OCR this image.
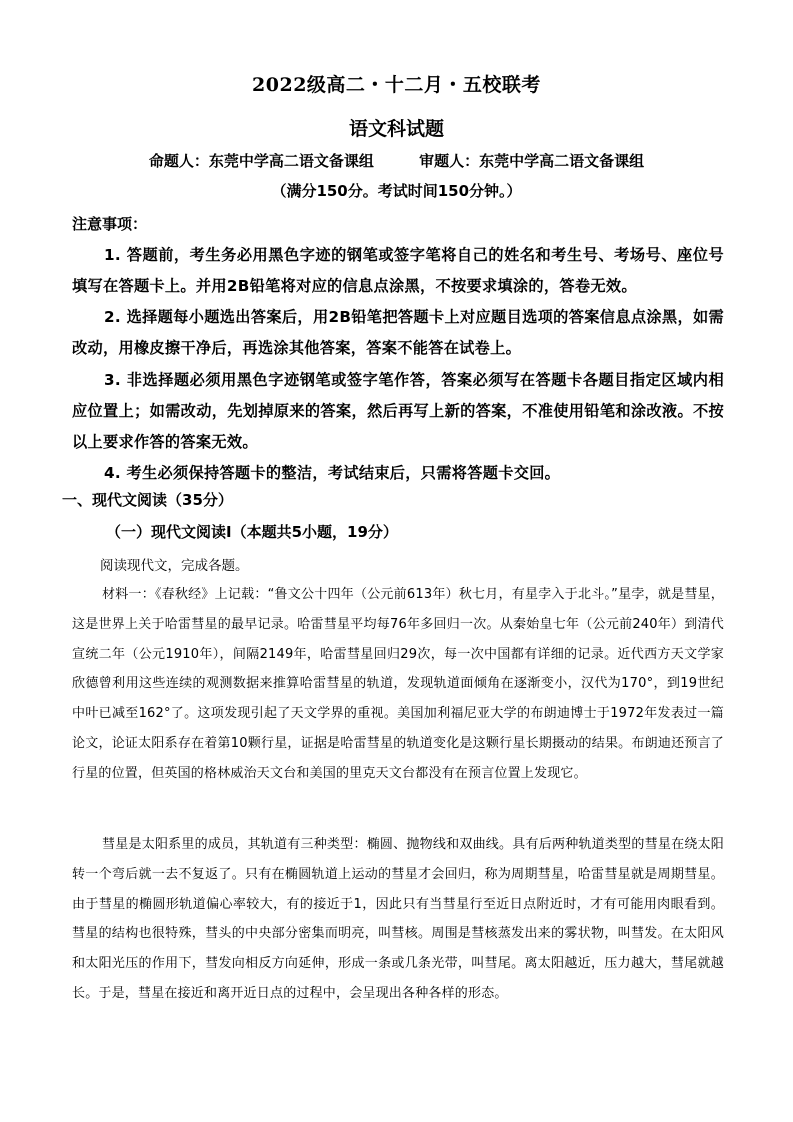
2022级高二・十二月・五校联考
语文科试题
命题人：东莞中学高二语文备课组	审题人：东莞中学高二语文备课组
（满分150分。考试时间150分钟。）
注意事项：
1. 答题前，考生务必用黑色字迹的钢笔或签字笔将自己的姓名和考生号、考场号、座位号填写在答题卡上。并用2B铅笔将对应的信息点涂黑，不按要求填涂的，答卷无效。
2. 选择题每小题选出答案后，用2B铅笔把答题卡上对应题目选项的答案信息点涂黑，如需改动，用橡皮擦干净后，再选涂其他答案，答案不能答在试卷上。
3. 非选择题必须用黑色字迹钢笔或签字笔作答，答案必须写在答题卡各题目指定区域内相应位置上；如需改动，先划掉原来的答案，然后再写上新的答案，不准使用铅笔和涂改液。不按以上要求作答的答案无效。
4. 考生必须保持答题卡的整洁，考试结束后，只需将答题卡交回。
一、现代文阅读（35分）
（一）现代文阅读Ⅰ（本题共5小题，19分）
阅读现代文，完成各题。
材料一：《春秋经》上记载：“鲁文公十四年（公元前613年）秋七月，有星孛入于北斗。”星孛，就是彗星，这是世界上关于哈雷彗星的最早记录。哈雷彗星平均每76年多回归一次。从秦始皇七年（公元前240年）到清代宣统二年（公元1910年），间隔2149年，哈雷彗星回归29次，每一次中国都有详细的记录。近代西方天文学家欣德曾利用这些连续的观测数据来推算哈雷彗星的轨道，发现轨道面倾角在逐渐变小，汉代为170°，到19世纪中叶已减至162°了。这项发现引起了天文学界的重视。美国加利福尼亚大学的布朗迪博士于1972年发表过一篇论文，论证太阳系存在着第10颗行星，证据是哈雷彗星的轨道变化是这颗行星长期摄动的结果。布朗迪还预言了行星的位置，但英国的格林威治天文台和美国的里克天文台都没有在预言位置上发现它。
彗星是太阳系里的成员，其轨道有三种类型：椭圆、抛物线和双曲线。具有后两种轨道类型的彗星在绕太阳转一个弯后就一去不复返了。只有在椭圆轨道上运动的彗星才会回归，称为周期彗星，哈雷彗星就是周期彗星。由于彗星的椭圆形轨道偏心率较大，有的接近于1，因此只有当彗星行至近日点附近时，才有可能用肉眼看到。彗星的结构也很特殊，彗头的中央部分密集而明亮，叫彗核。周围是彗核蒸发出来的雾状物，叫彗发。在太阳风和太阳光压的作用下，彗发向相反方向延伸，形成一条或几条光带，叫彗尾。离太阳越近，压力越大，彗尾就越长。于是，彗星在接近和离开近日点的过程中，会呈现出各种各样的形态。
